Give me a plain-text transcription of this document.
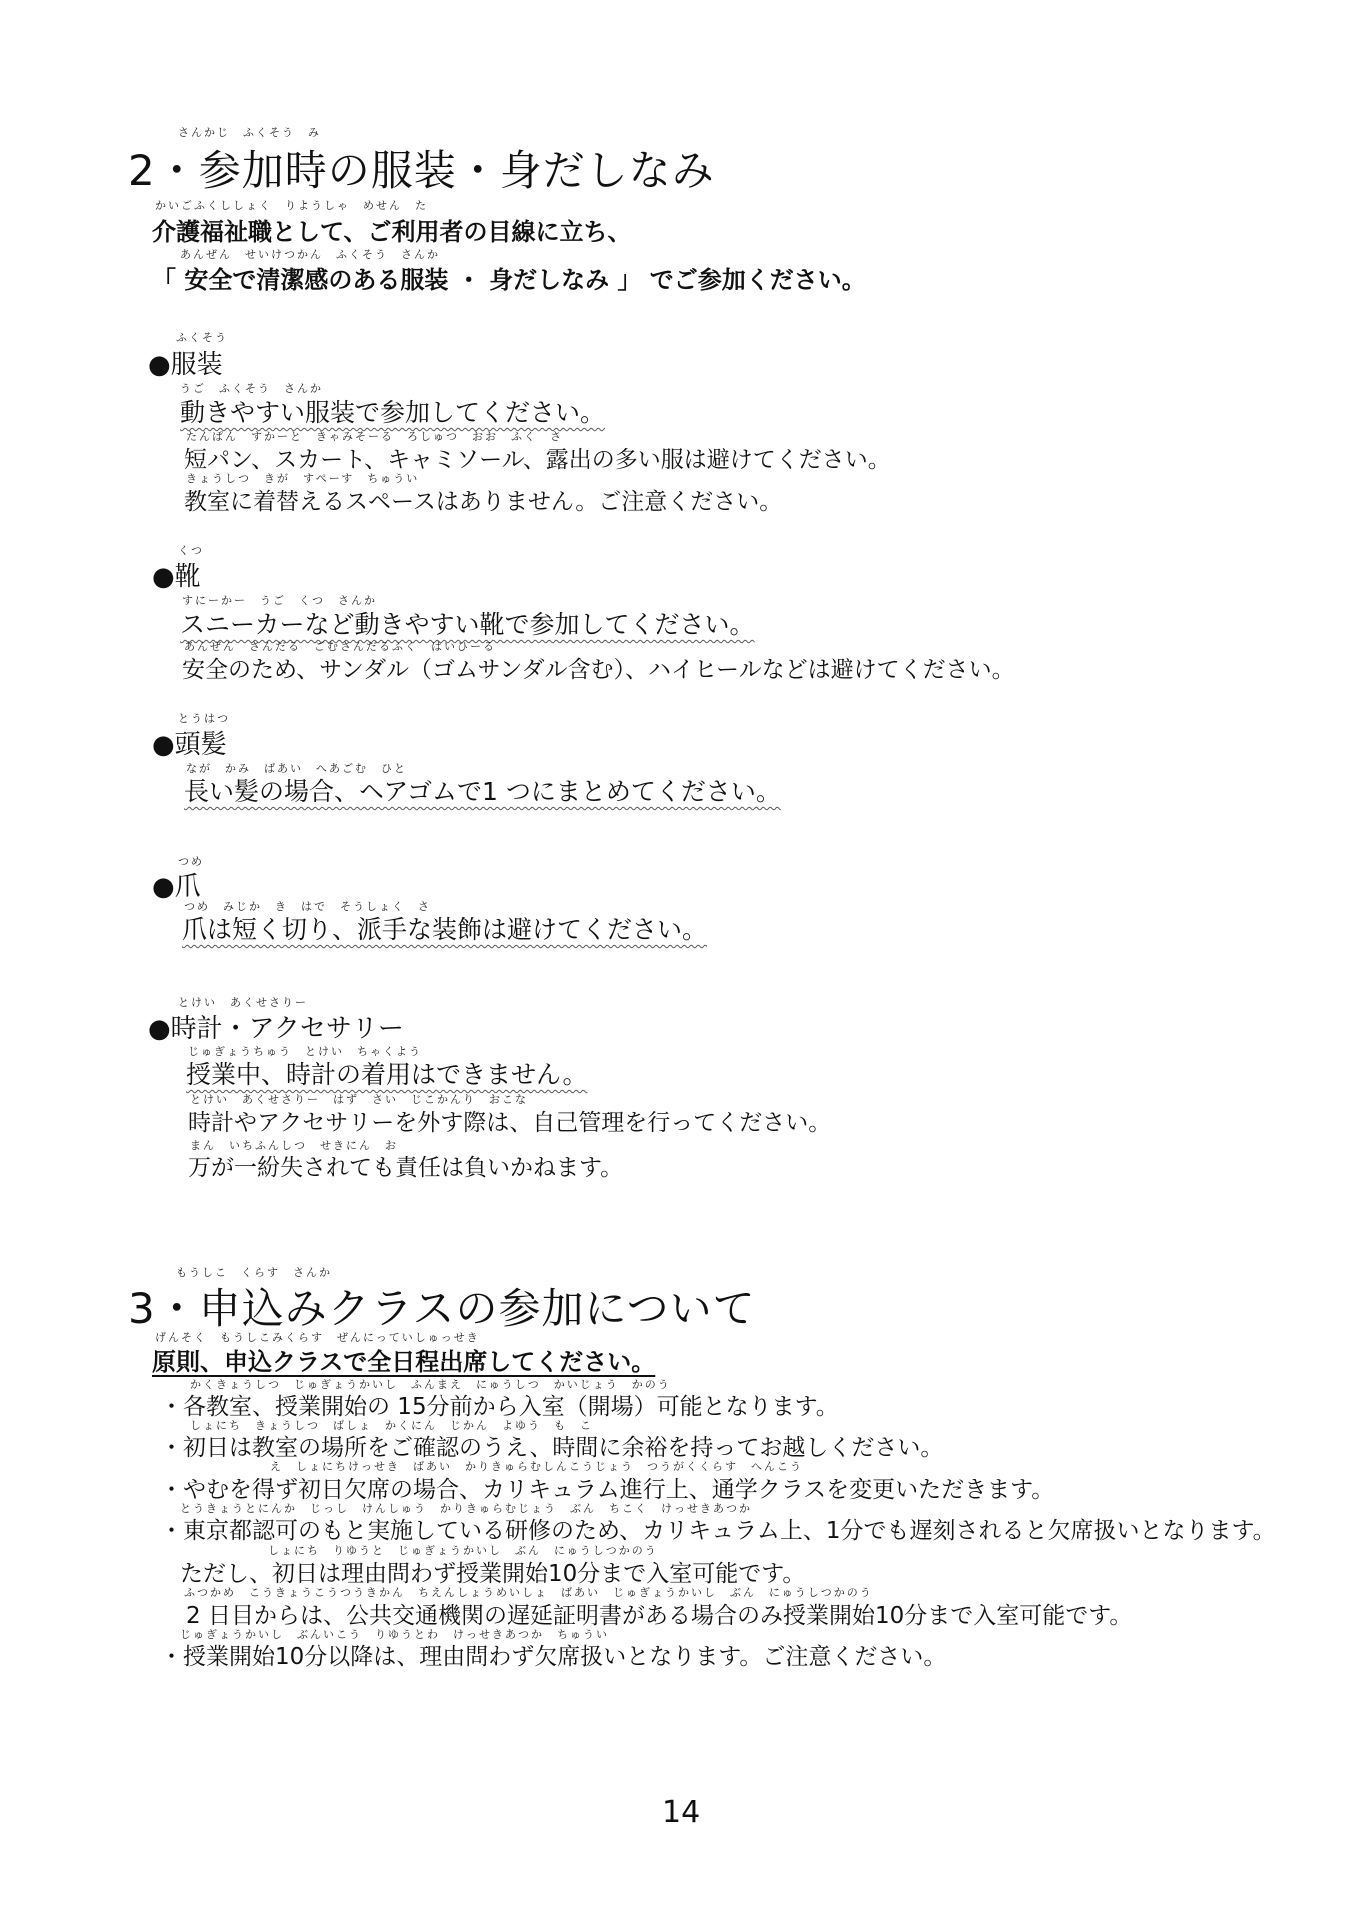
さんかじ　ふくそう　み
2・参加時の服装・身だしなみ
かいごふくししょく　りようしゃ　めせん　た
介護福祉職として、ご利用者の目線に立ち、
あんぜん　せいけつかん　ふくそう　さんか
「 安全で清潔感のある服装 ・ 身だしなみ 」 でご参加ください。
ふくそう
●服装
うご　ふくそう　さんか
動きやすい服装で参加してください。
たんぱん　すかーと　きゃみそーる　ろしゅつ　おお　ふく　さ
短パン、スカート、キャミソール、露出の多い服は避けてください。
きょうしつ　きが　すぺーす　ちゅうい
教室に着替えるスペースはありません。ご注意ください。
くつ
●靴
すにーかー　うご　くつ　さんか
スニーカーなど動きやすい靴で参加してください。
あんぜん　さんだる　ごむさんだるふく　はいひーる
安全のため、サンダル（ゴムサンダル含む）、ハイヒールなどは避けてください。
とうはつ
●頭髪
なが　かみ　ばあい　へあごむ　ひと
長い髪の場合、ヘアゴムで1 つにまとめてください。
つめ
●爪
つめ　みじか　き　はで　そうしょく　さ
爪は短く切り、派手な装飾は避けてください。
とけい　あくせさりー
●時計・アクセサリー
じゅぎょうちゅう　とけい　ちゃくよう
授業中、時計の着用はできません。
とけい　あくせさりー　はず　さい　じこかんり　おこな
時計やアクセサリーを外す際は、自己管理を行ってください。
まん　いちふんしつ　せきにん　お
万が一紛失されても責任は負いかねます。
もうしこ　くらす　さんか
3・申込みクラスの参加について
げんそく　もうしこみくらす　ぜんにっていしゅっせき
原則、申込クラスで全日程出席してください。
かくきょうしつ　じゅぎょうかいし　ふんまえ　にゅうしつ　かいじょう　かのう
・各教室、授業開始の 15分前から入室（開場）可能となります。
しょにち　きょうしつ　ばしょ　かくにん　じかん　よゆう　も　こ
・初日は教室の場所をご確認のうえ、時間に余裕を持ってお越しください。
え　しょにちけっせき　ばあい　かりきゅらむしんこうじょう　つうがくくらす　へんこう
・やむを得ず初日欠席の場合、カリキュラム進行上、通学クラスを変更いただきます。
とうきょうとにんか　じっし　けんしゅう　かりきゅらむじょう　ぶん　ちこく　けっせきあつか
・東京都認可のもと実施している研修のため、カリキュラム上、1分でも遅刻されると欠席扱いとなります。
しょにち　りゆうと　じゅぎょうかいし　ぶん　にゅうしつかのう
ただし、初日は理由問わず授業開始10分まで入室可能です。
ふつかめ　こうきょうこうつうきかん　ちえんしょうめいしょ　ばあい　じゅぎょうかいし　ぶん　にゅうしつかのう
2 日目からは、公共交通機関の遅延証明書がある場合のみ授業開始10分まで入室可能です。
じゅぎょうかいし　ぶんいこう　りゆうとわ　けっせきあつか　ちゅうい
・授業開始10分以降は、理由問わず欠席扱いとなります。ご注意ください。
14
